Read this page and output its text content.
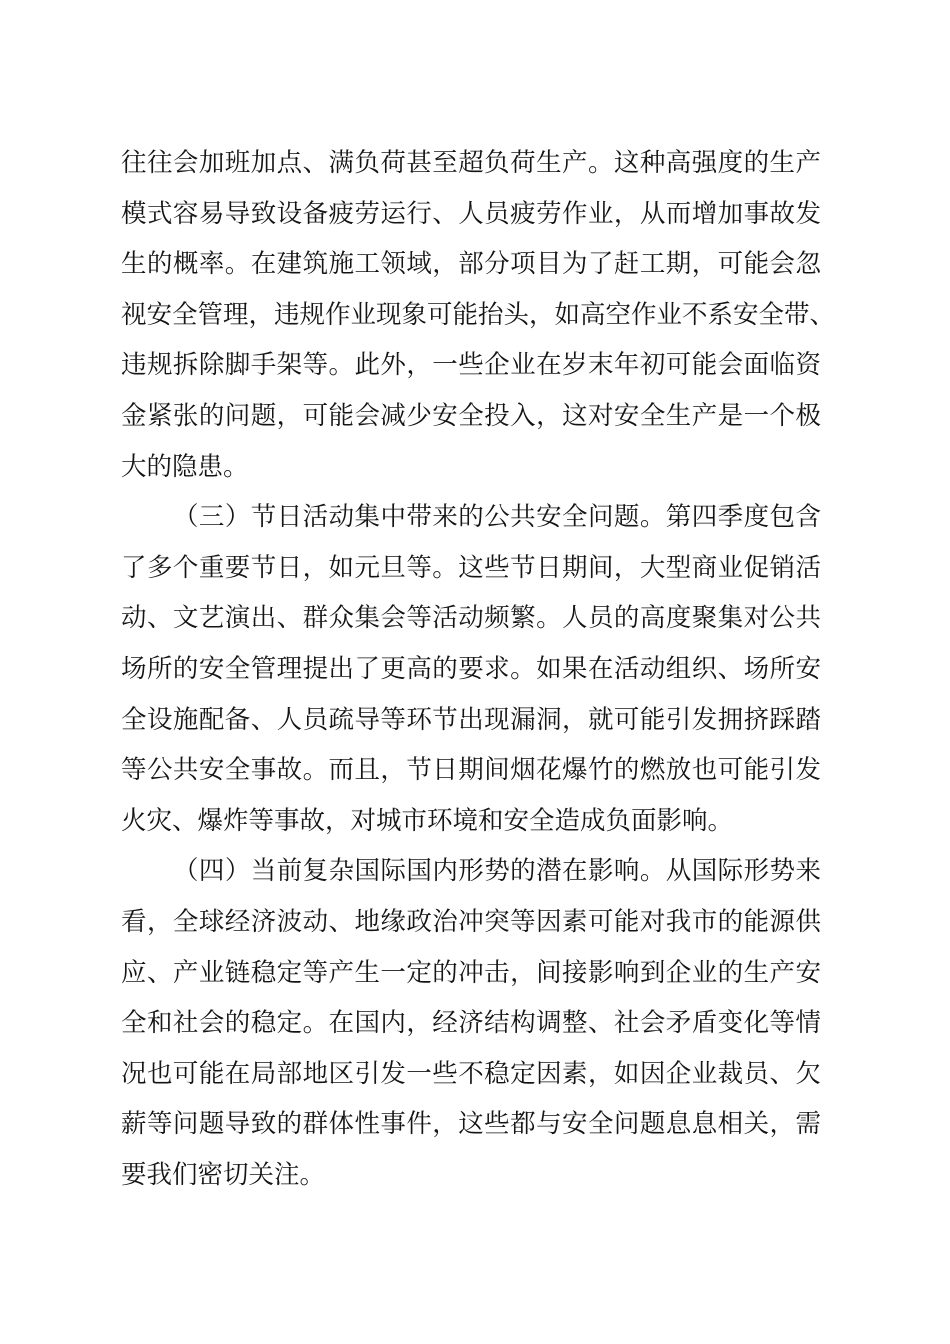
往往会加班加点、满负荷甚至超负荷生产。这种高强度的生产
模式容易导致设备疲劳运行、人员疲劳作业，从而增加事故发
生的概率。在建筑施工领域，部分项目为了赶工期，可能会忽
视安全管理，违规作业现象可能抬头，如高空作业不系安全带、
违规拆除脚手架等。此外，一些企业在岁末年初可能会面临资
金紧张的问题，可能会减少安全投入，这对安全生产是一个极
大的隐患。
（三）节日活动集中带来的公共安全问题。第四季度包含
了多个重要节日，如元旦等。这些节日期间，大型商业促销活
动、文艺演出、群众集会等活动频繁。人员的高度聚集对公共
场所的安全管理提出了更高的要求。如果在活动组织、场所安
全设施配备、人员疏导等环节出现漏洞，就可能引发拥挤踩踏
等公共安全事故。而且，节日期间烟花爆竹的燃放也可能引发
火灾、爆炸等事故，对城市环境和安全造成负面影响。
（四）当前复杂国际国内形势的潜在影响。从国际形势来
看，全球经济波动、地缘政治冲突等因素可能对我市的能源供
应、产业链稳定等产生一定的冲击，间接影响到企业的生产安
全和社会的稳定。在国内，经济结构调整、社会矛盾变化等情
况也可能在局部地区引发一些不稳定因素，如因企业裁员、欠
薪等问题导致的群体性事件，这些都与安全问题息息相关，需
要我们密切关注。
